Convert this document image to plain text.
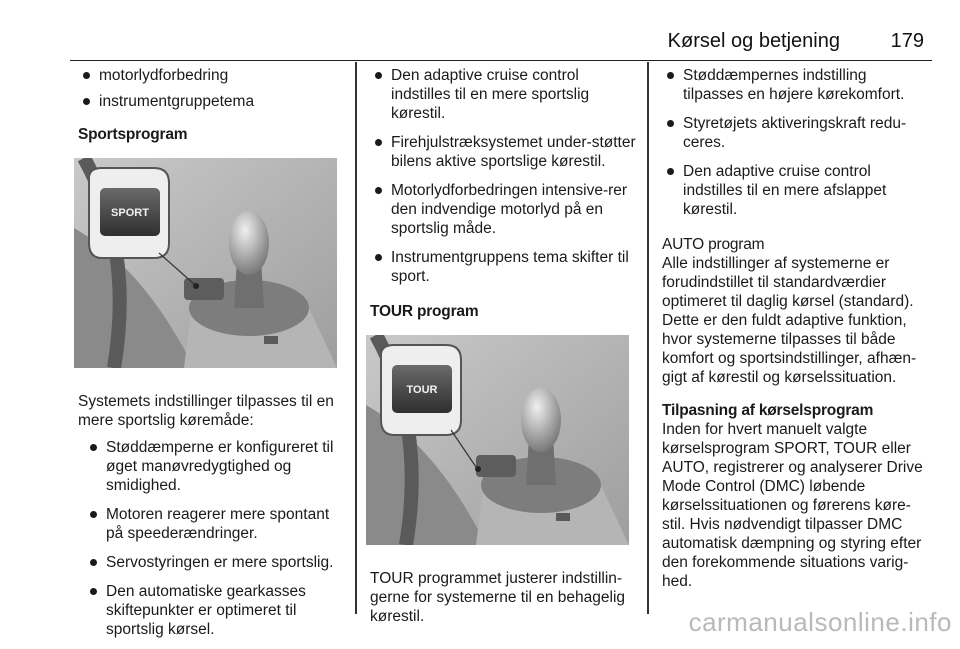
Kørsel og betjening	179
motorlydforbedring
instrumentgruppetema

Sportsprogram

SPORT

Systemets indstillinger tilpasses til en mere sportslig køremåde:

Støddæmperne er konfigureret til øget manøvredygtighed og smidighed.
Motoren reagerer mere spontant på speederændringer.
Servostyringen er mere sportslig.
Den automatiske gearkasses skiftepunkter er optimeret til sportslig kørsel.
Den adaptive cruise control indstilles til en mere sportslig kørestil.
Firehjulstræksystemet under-støtter bilens aktive sportslige kørestil.
Motorlydforbedringen intensive-rer den indvendige motorlyd på en sportslig måde.
Instrumentgruppens tema skifter til sport.

TOUR program

TOUR

TOUR programmet justerer indstillin-gerne for systemerne til en behagelig kørestil.

Støddæmpernes indstilling tilpasses en højere kørekomfort.
Styretøjets aktiveringskraft redu-ceres.
Den adaptive cruise control indstilles til en mere afslappet kørestil.

AUTO program

Alle indstillinger af systemerne er forudindstillet til standardværdier optimeret til daglig kørsel (standard). Dette er den fuldt adaptive funktion, hvor systemerne tilpasses til både komfort og sportsindstillinger, afhæn-gigt af kørestil og kørselssituation.

Tilpasning af kørselsprogram

Inden for hvert manuelt valgte kørselsprogram SPORT, TOUR eller AUTO, registrerer og analyserer Drive Mode Control (DMC) løbende kørselssituationen og førerens køre-stil. Hvis nødvendigt tilpasser DMC automatisk dæmpning og styring efter den forekommende situations varig-hed.

carmanualsonline.info
